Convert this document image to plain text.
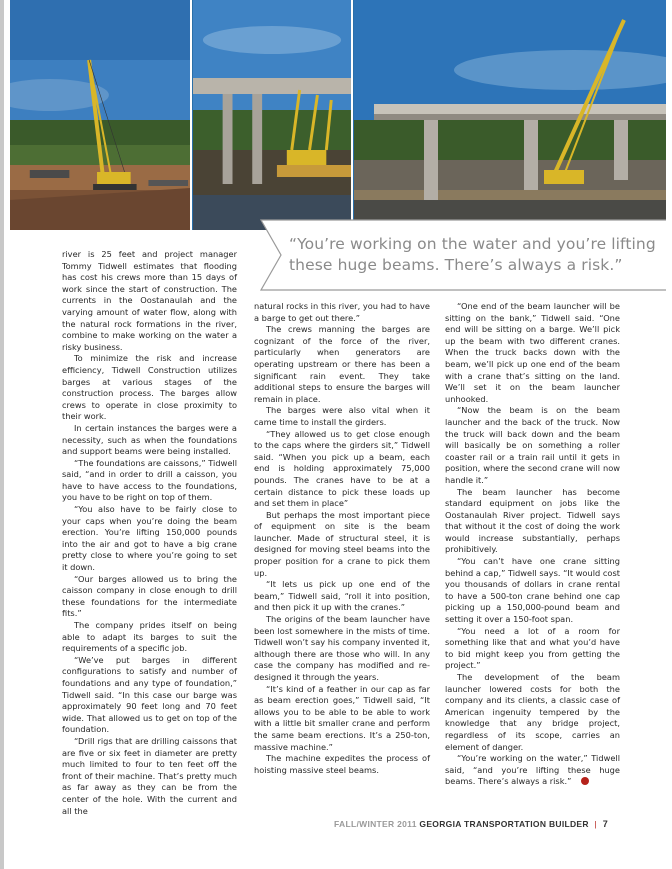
“You’re working on the water and you’re lifting these huge beams. There’s always a risk.”

river is 25 feet and project manager Tommy Tidwell estimates that flooding has cost his crews more than 15 days of work since the start of construction. The currents in the Oostanaulah and the varying amount of water flow, along with the natural rock formations in the river, combine to make working on the water a risky business.

To minimize the risk and increase efficiency, Tidwell Construction utilizes barges at various stages of the construction process. The barges allow crews to operate in close proximity to their work.

In certain instances the barges were a necessity, such as when the foundations and support beams were being installed.

“The foundations are caissons,” Tidwell said, “and in order to drill a caisson, you have to have access to the foundations, you have to be right on top of them.

“You also have to be fairly close to your caps when you’re doing the beam erection. You’re lifting 150,000 pounds into the air and got to have a big crane pretty close to where you’re going to set it down.

“Our barges allowed us to bring the caisson company in close enough to drill these foundations for the intermediate fits.”

The company prides itself on being able to adapt its barges to suit the requirements of a specific job.

“We’ve put barges in different configurations to satisfy and number of foundations and any type of foundation,” Tidwell said. “In this case our barge was approximately 90 feet long and 70 feet wide. That allowed us to get on top of the foundation.

“Drill rigs that are drilling caissons that are five or six feet in diameter are pretty much limited to four to ten feet off the front of their machine. That’s pretty much as far away as they can be from the center of the hole. With the current and all the

natural rocks in this river, you had to have a barge to get out there.”

The crews manning the barges are cognizant of the force of the river, particularly when generators are operating upstream or there has been a significant rain event. They take additional steps to ensure the barges will remain in place.

The barges were also vital when it came time to install the girders.

“They allowed us to get close enough to the caps where the girders sit,” Tidwell said. “When you pick up a beam, each end is holding approximately 75,000 pounds. The cranes have to be at a certain distance to pick these loads up and set them in place”

But perhaps the most important piece of equipment on site is the beam launcher. Made of structural steel, it is designed for moving steel beams into the proper position for a crane to pick them up.

“It lets us pick up one end of the beam,” Tidwell said, “roll it into position, and then pick it up with the cranes.”

The origins of the beam launcher have been lost somewhere in the mists of time. Tidwell won’t say his company invented it, although there are those who will. In any case the company has modified and re-designed it through the years.

“It’s kind of a feather in our cap as far as beam erection goes,” Tidwell said, “It allows you to be able to be able to work with a little bit smaller crane and perform the same beam erections. It’s a 250-ton, massive machine.”

The machine expedites the process of hoisting massive steel beams.

“One end of the beam launcher will be sitting on the bank,” Tidwell said. “One end will be sitting on a barge. We’ll pick up the beam with two different cranes. When the truck backs down with the beam, we’ll pick up one end of the beam with a crane that’s sitting on the land. We’ll set it on the beam launcher unhooked.

“Now the beam is on the beam launcher and the back of the truck. Now the truck will back down and the beam will basically be on something a roller coaster rail or a train rail until it gets in position, where the second crane will now handle it.”

The beam launcher has become standard equipment on jobs like the Oostanaulah River project. Tidwell says that without it the cost of doing the work would increase substantially, perhaps prohibitively.

“You can’t have one crane sitting behind a cap,” Tidwell says. “It would cost you thousands of dollars in crane rental to have a 500-ton crane behind one cap picking up a 150,000-pound beam and setting it over a 150-foot span.

“You need a lot of a room for something like that and what you’d have to bid might keep you from getting the project.”

The development of the beam launcher lowered costs for both the company and its clients, a classic case of American ingenuity tempered by the knowledge that any bridge project, regardless of its scope, carries an element of danger.

“You’re working on the water,” Tidwell said, “and you’re lifting these huge beams. There’s always a risk.”

FALL/WINTER 2011 GEORGIA TRANSPORTATION BUILDER | 7
